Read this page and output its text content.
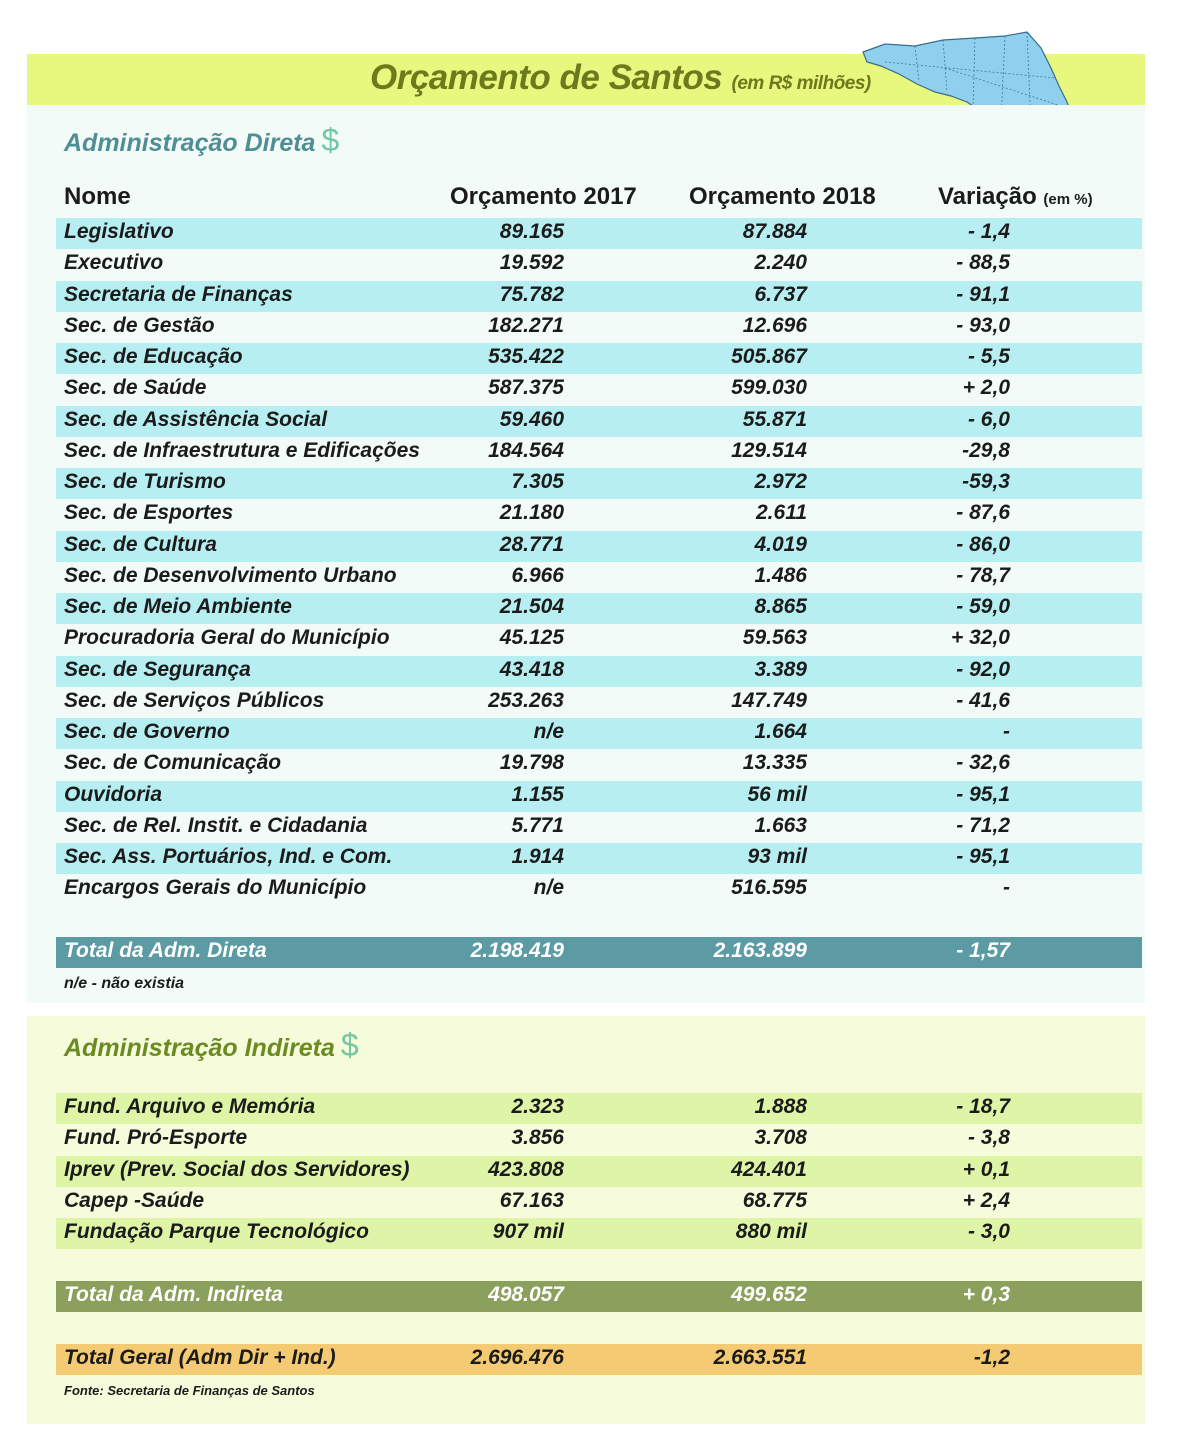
Orçamento de Santos (em R$ milhões)
Administração Direta $
Nome	Orçamento 2017 Orçamento 2018	Variação (em %)
Legislativo	89.165	87.884	- 1,4
Executivo	19.592	2.240	- 88,5
Secretaria de Finanças	75.782	6.737	- 91,1
Sec. de Gestão	182.271	12.696	- 93,0
Sec. de Educação	535.422	505.867	- 5,5
Sec. de Saúde	587.375	599.030	+ 2,0
Sec. de Assistência Social	59.460	55.871	- 6,0
Sec. de Infraestrutura e Edificações	184.564	129.514	-29,8
Sec. de Turismo	7.305	2.972	-59,3
Sec. de Esportes	21.180	2.611	- 87,6
Sec. de Cultura	28.771	4.019	- 86,0
Sec. de Desenvolvimento Urbano	6.966	1.486	- 78,7
Sec. de Meio Ambiente	21.504	8.865	- 59,0
Procuradoria Geral do Município	45.125	59.563	+ 32,0
Sec. de Segurança	43.418	3.389	- 92,0
Sec. de Serviços Públicos	253.263	147.749	- 41,6
Sec. de Governo	n/e	1.664	-
Sec. de Comunicação	19.798	13.335	- 32,6
Ouvidoria	1.155	56 mil	- 95,1
Sec. de Rel. Instit. e Cidadania	5.771	1.663	- 71,2
Sec. Ass. Portuários, Ind. e Com.	1.914	93 mil	- 95,1
Encargos Gerais do Município	n/e	516.595	-
Total da Adm. Direta	2.198.419	2.163.899	- 1,57
n/e - não existia
Administração Indireta $
Fund. Arquivo e Memória	2.323	1.888	- 18,7
Fund. Pró-Esporte	3.856	3.708	- 3,8
Iprev (Prev. Social dos Servidores)	423.808	424.401	+ 0,1
Capep -Saúde	67.163	68.775	+ 2,4
Fundação Parque Tecnológico	907 mil	880 mil	- 3,0
Total da Adm. Indireta	498.057	499.652	+ 0,3
Total Geral (Adm Dir + Ind.)	2.696.476	2.663.551	-1,2
Fonte: Secretaria de Finanças de Santos
